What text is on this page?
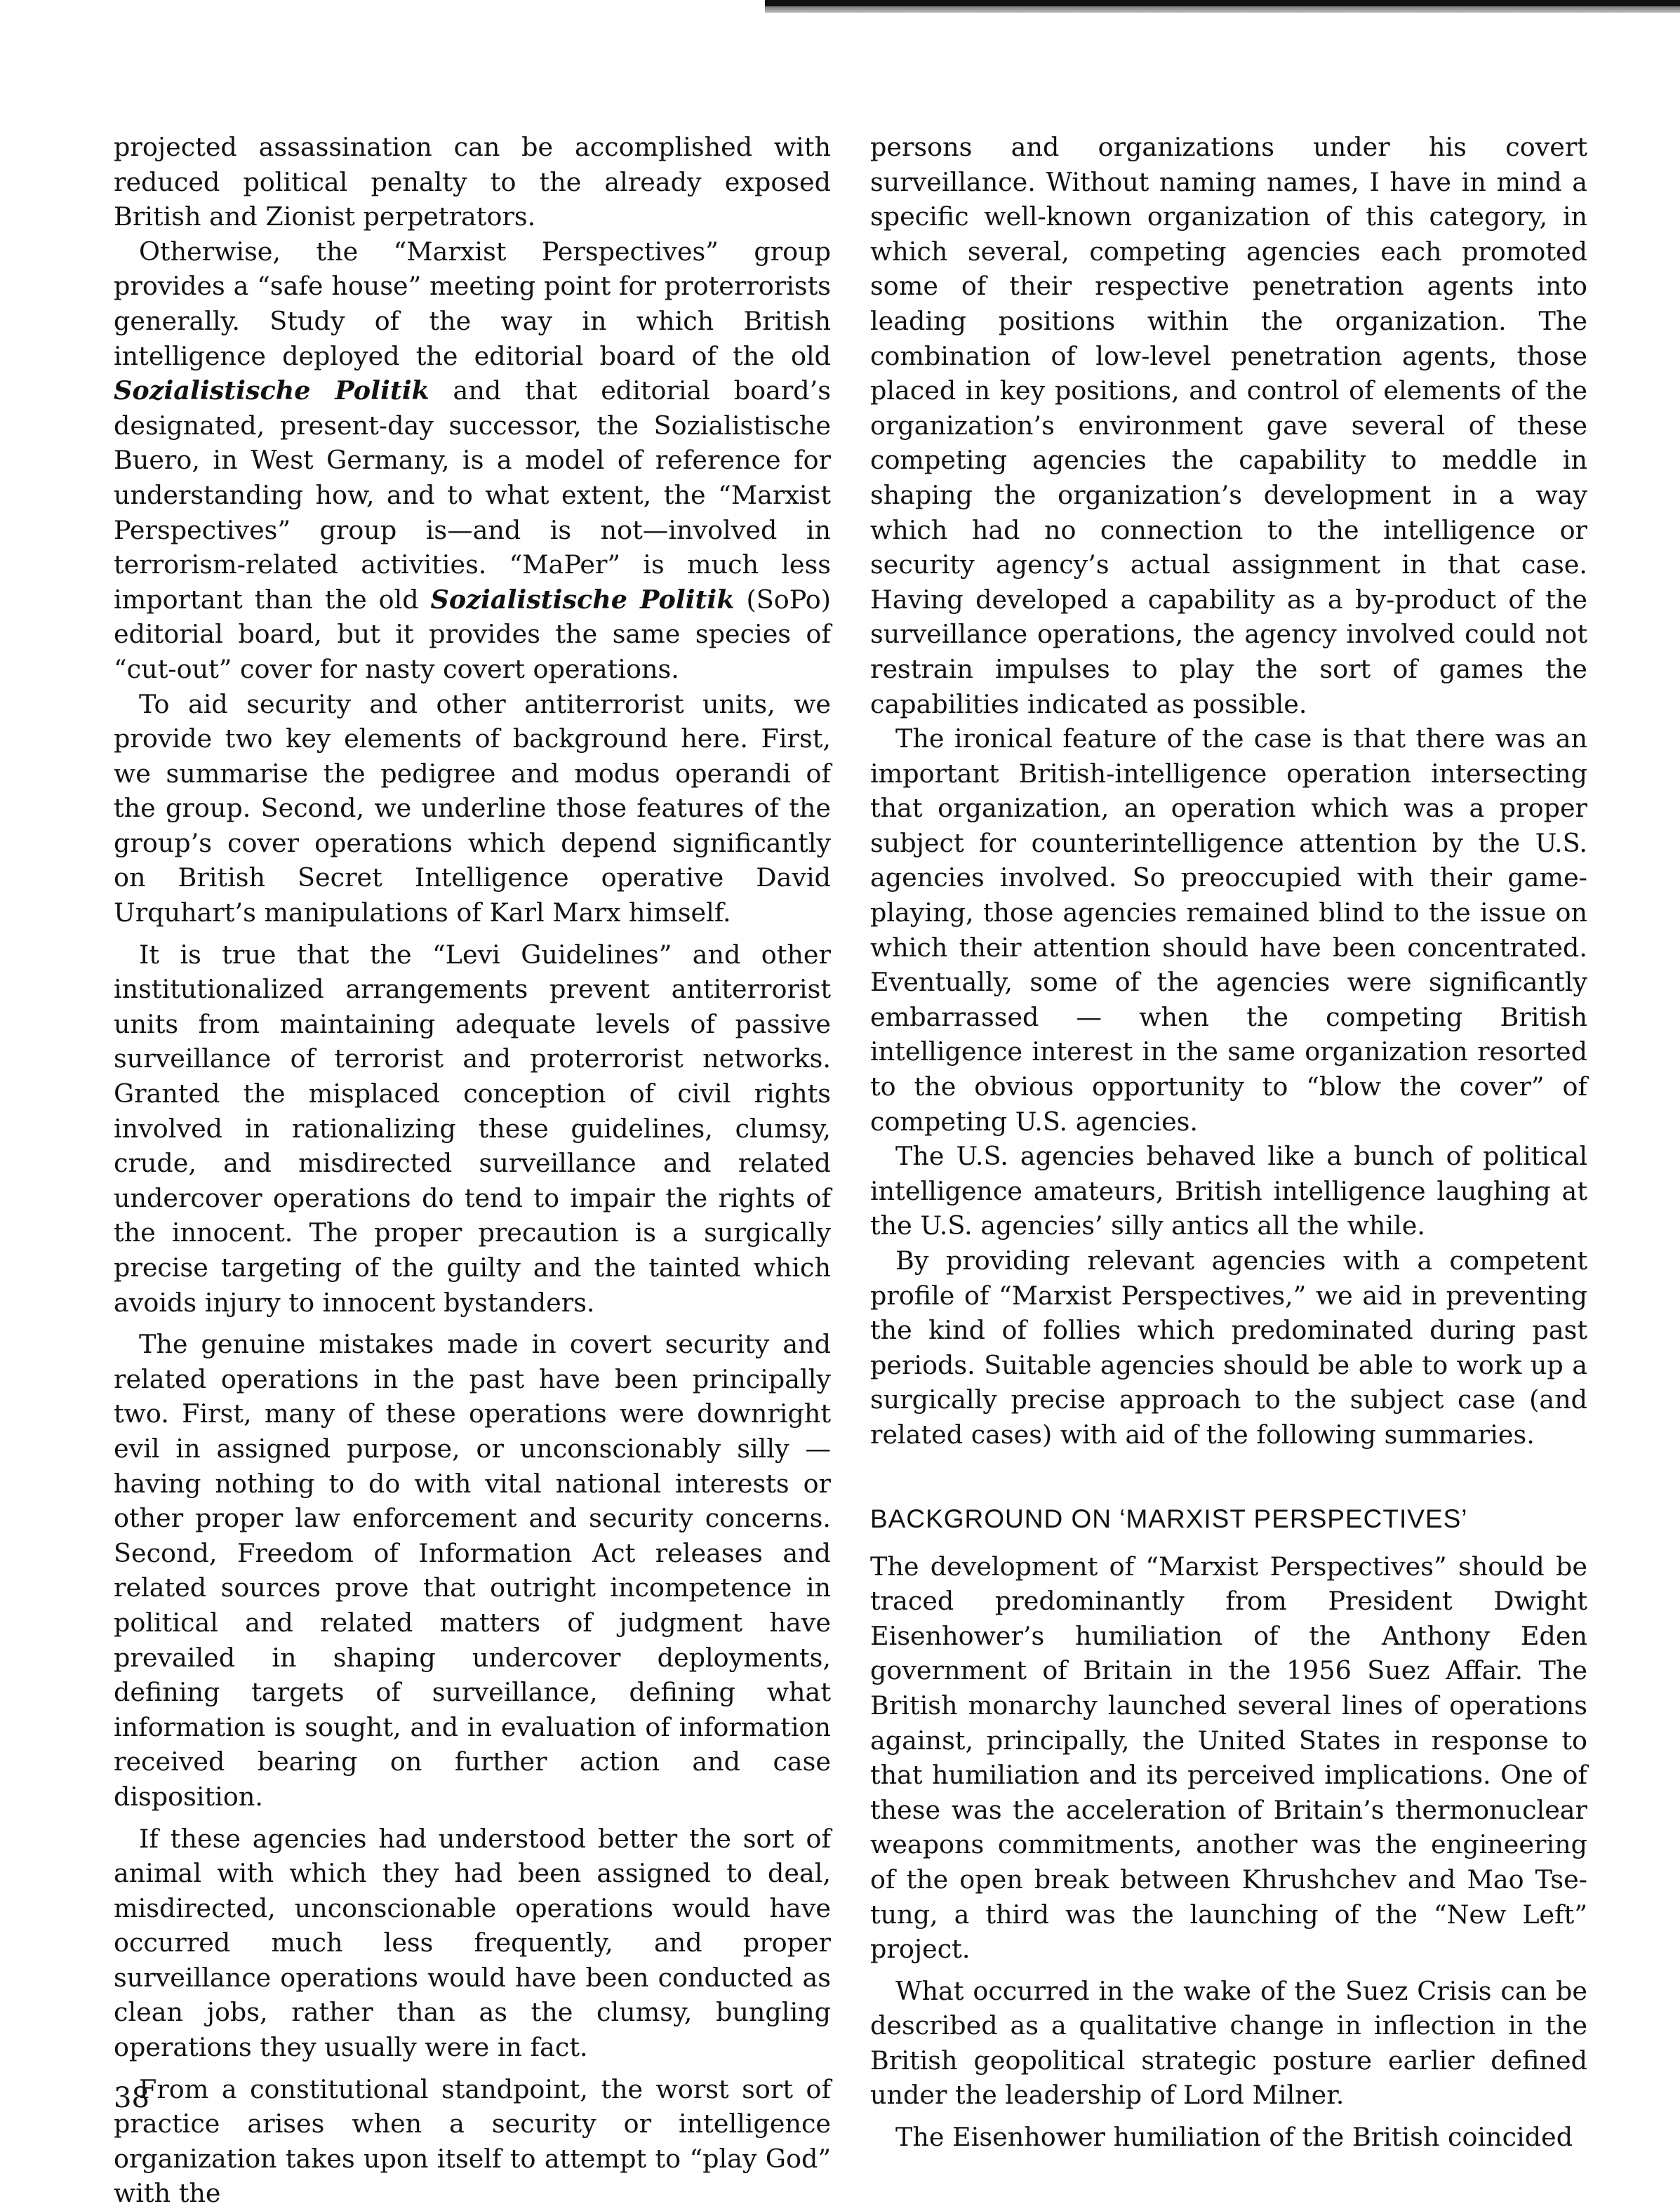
projected assassination can be accomplished with reduced political penalty to the already exposed British and Zionist perpetrators.

Otherwise, the “Marxist Perspectives” group provides a “safe house” meeting point for proterrorists generally. Study of the way in which British intelligence deployed the editorial board of the old Sozialistische Politik and that editorial board’s designated, present-day successor, the Sozialistische Buero, in West Germany, is a model of reference for understanding how, and to what extent, the “Marxist Perspectives” group is—and is not—involved in terrorism-related activities. “MaPer” is much less important than the old Sozialistische Politik (SoPo) editorial board, but it provides the same species of “cut-out” cover for nasty covert operations.

To aid security and other antiterrorist units, we provide two key elements of background here. First, we summarise the pedigree and modus operandi of the group. Second, we underline those features of the group’s cover operations which depend significantly on British Secret Intelligence operative David Urquhart’s manipulations of Karl Marx himself.

It is true that the “Levi Guidelines” and other institutionalized arrangements prevent antiterrorist units from maintaining adequate levels of passive surveillance of terrorist and proterrorist networks. Granted the misplaced conception of civil rights involved in rationalizing these guidelines, clumsy, crude, and misdirected surveillance and related undercover operations do tend to impair the rights of the innocent. The proper precaution is a surgically precise targeting of the guilty and the tainted which avoids injury to innocent bystanders.

The genuine mistakes made in covert security and related operations in the past have been principally two. First, many of these operations were downright evil in assigned purpose, or unconscionably silly — having nothing to do with vital national interests or other proper law enforcement and security concerns. Second, Freedom of Information Act releases and related sources prove that outright incompetence in political and related matters of judgment have prevailed in shaping undercover deployments, defining targets of surveillance, defining what information is sought, and in evaluation of information received bearing on further action and case disposition.

If these agencies had understood better the sort of animal with which they had been assigned to deal, misdirected, unconscionable operations would have occurred much less frequently, and proper surveillance operations would have been conducted as clean jobs, rather than as the clumsy, bungling operations they usually were in fact.

From a constitutional standpoint, the worst sort of practice arises when a security or intelligence organization takes upon itself to attempt to “play God” with the

persons and organizations under his covert surveillance. Without naming names, I have in mind a specific well-known organization of this category, in which several, competing agencies each promoted some of their respective penetration agents into leading positions within the organization. The combination of low-level penetration agents, those placed in key positions, and control of elements of the organization’s environment gave several of these competing agencies the capability to meddle in shaping the organization’s development in a way which had no connection to the intelligence or security agency’s actual assignment in that case. Having developed a capability as a by-product of the surveillance operations, the agency involved could not restrain impulses to play the sort of games the capabilities indicated as possible.

The ironical feature of the case is that there was an important British-intelligence operation intersecting that organization, an operation which was a proper subject for counterintelligence attention by the U.S. agencies involved. So preoccupied with their game-playing, those agencies remained blind to the issue on which their attention should have been concentrated. Eventually, some of the agencies were significantly embarrassed — when the competing British intelligence interest in the same organization resorted to the obvious opportunity to “blow the cover” of competing U.S. agencies.

The U.S. agencies behaved like a bunch of political intelligence amateurs, British intelligence laughing at the U.S. agencies’ silly antics all the while.

By providing relevant agencies with a competent profile of “Marxist Perspectives,” we aid in preventing the kind of follies which predominated during past periods. Suitable agencies should be able to work up a surgically precise approach to the subject case (and related cases) with aid of the following summaries.

BACKGROUND ON ‘MARXIST PERSPECTIVES’

The development of “Marxist Perspectives” should be traced predominantly from President Dwight Eisenhower’s humiliation of the Anthony Eden government of Britain in the 1956 Suez Affair. The British monarchy launched several lines of operations against, principally, the United States in response to that humiliation and its perceived implications. One of these was the acceleration of Britain’s thermonuclear weapons commitments, another was the engineering of the open break between Khrushchev and Mao Tse-tung, a third was the launching of the “New Left” project.

What occurred in the wake of the Suez Crisis can be described as a qualitative change in inflection in the British geopolitical strategic posture earlier defined under the leadership of Lord Milner.

The Eisenhower humiliation of the British coincided

38
